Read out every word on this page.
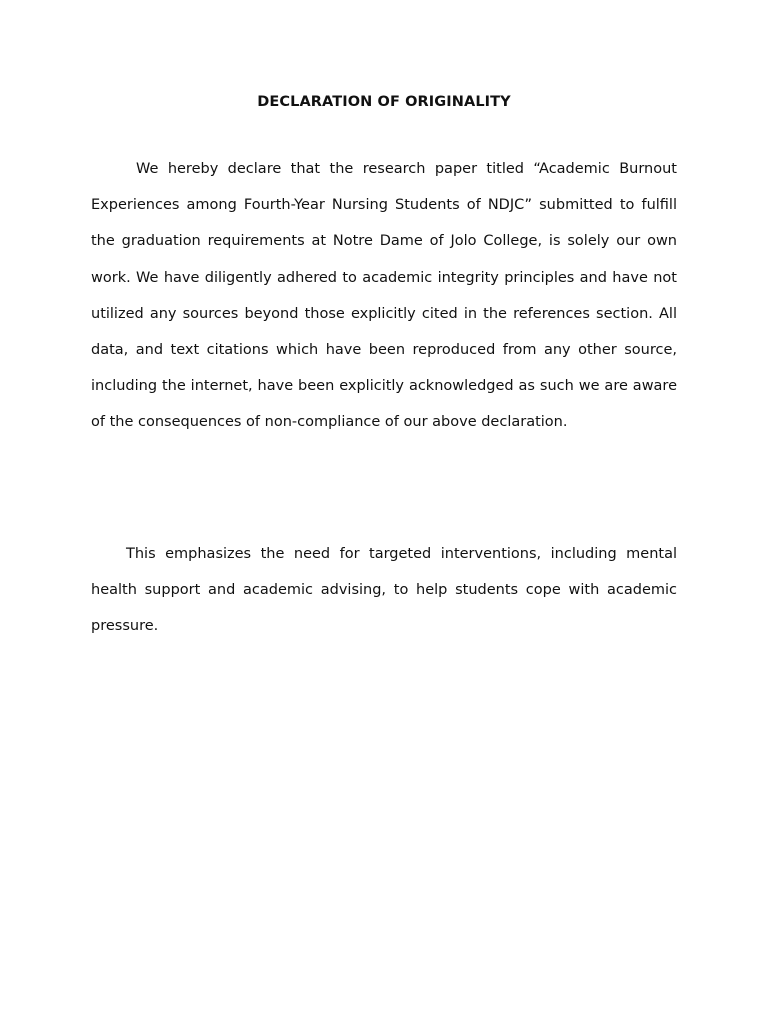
DECLARATION OF ORIGINALITY

We hereby declare that the research paper titled “Academic Burnout Experiences among Fourth-Year Nursing Students of NDJC” submitted to fulfill the graduation requirements at Notre Dame of Jolo College, is solely our own work. We have diligently adhered to academic integrity principles and have not utilized any sources beyond those explicitly cited in the references section. All data, and text citations which have been reproduced from any other source, including the internet, have been explicitly acknowledged as such we are aware of the consequences of non-compliance of our above declaration.

This emphasizes the need for targeted interventions, including mental health support and academic advising, to help students cope with academic pressure.
